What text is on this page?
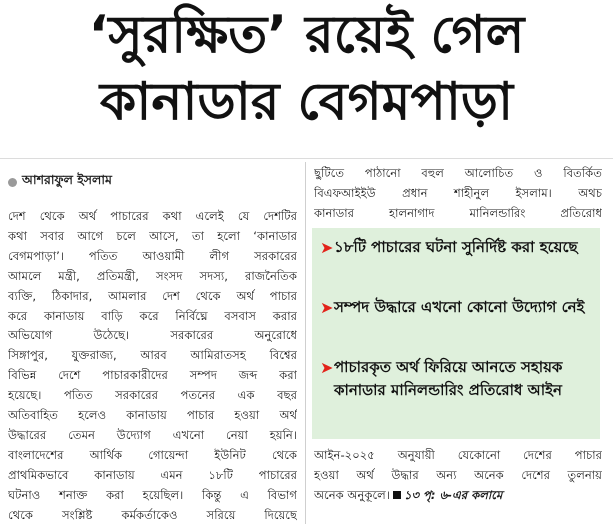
‘সুরক্ষিত’ রয়েই গেল
কানাডার বেগমপাড়া
আশরাফুল ইসলাম
দেশ থেকে অর্থ পাচারের কথা এলেই যে দেশটির
কথা সবার আগে চলে আসে, তা হলো ‘কানাডার
বেগমপাড়া’। পতিত আওয়ামী লীগ সরকারের
আমলে মন্ত্রী, প্রতিমন্ত্রী, সংসদ সদস্য, রাজনৈতিক
ব্যক্তি, ঠিকাদার, আমলার দেশ থেকে অর্থ পাচার
করে কানাডায় বাড়ি করে নির্বিঘ্নে বসবাস করার
অভিযোগ উঠেছে। সরকারের অনুরোধে
সিঙ্গাপুর, যুক্তরাজ্য, আরব আমিরাতসহ বিশ্বের
বিভিন্ন দেশে পাচারকারীদের সম্পদ জব্দ করা
হয়েছে। পতিত সরকারের পতনের এক বছর
অতিবাহিত হলেও কানাডায় পাচার হওয়া অর্থ
উদ্ধারের তেমন উদ্যোগ এখনো নেয়া হয়নি।
বাংলাদেশের আর্থিক গোয়েন্দা ইউনিট থেকে
প্রাথমিকভাবে কানাডায় এমন ১৮টি পাচারের
ঘটনাও শনাক্ত করা হয়েছিল। কিন্তু এ বিভাগ
থেকে সংশ্লিষ্ট কর্মকর্তাকেও সরিয়ে দিয়েছে
ছুটিতে পাঠানো বহুল আলোচিত ও বিতর্কিত
বিএফআইইউ প্রধান শাহীনুল ইসলাম। অথচ
কানাডার হালনাগাদ মানিলন্ডারিং প্রতিরোধ
➤ ১৮টি পাচারের ঘটনা সুনির্দিষ্ট করা হয়েছে
➤ সম্পদ উদ্ধারে এখনো কোনো উদ্যোগ নেই
➤ পাচারকৃত অর্থ ফিরিয়ে আনতে সহায়ক কানাডার মানিলন্ডারিং প্রতিরোধ আইন
আইন-২০২৫ অনুযায়ী যেকোনো দেশের পাচার
হওয়া অর্থ উদ্ধার অন্য অনেক দেশের তুলনায়
অনেক অনুকূলে। ১৩ পৃ: ৬-এর কলামে
